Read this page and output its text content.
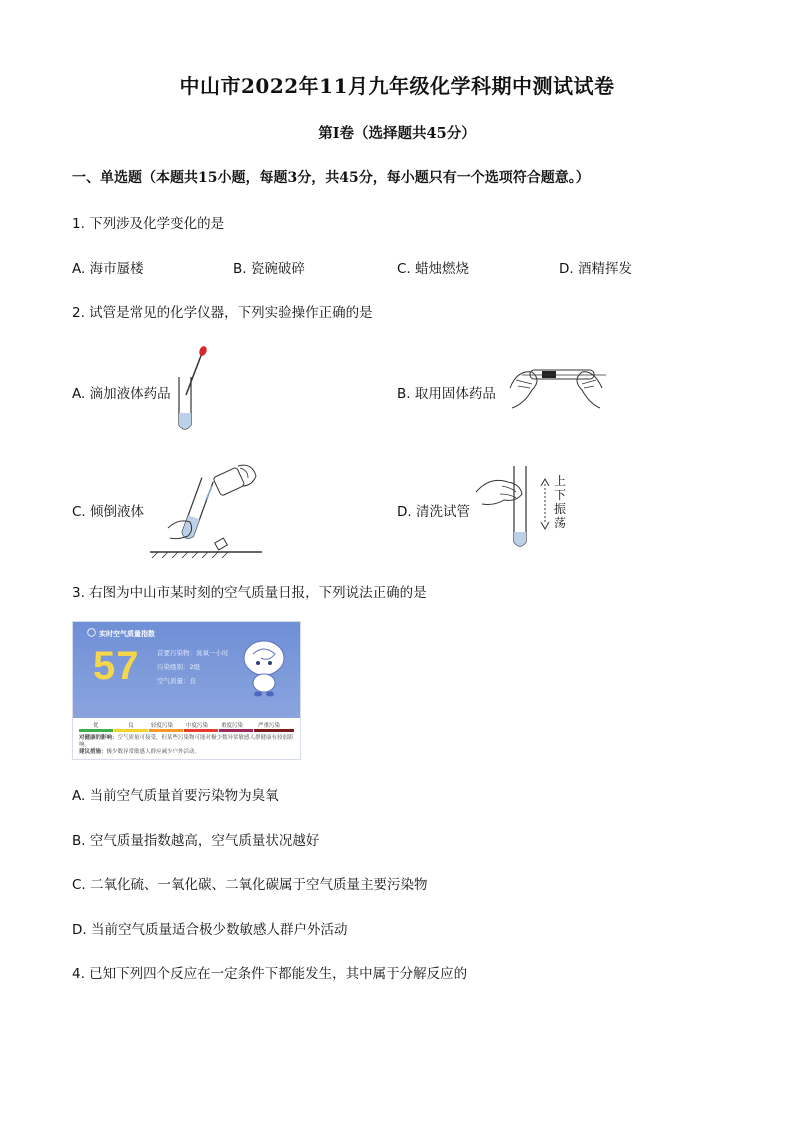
中山市2022年11月九年级化学科期中测试试卷
第I卷（选择题共45分）
一、单选题（本题共15小题，每题3分，共45分，每小题只有一个选项符合题意。）
1. 下列涉及化学变化的是
A. 海市蜃楼	B. 瓷碗破碎	C. 蜡烛燃烧	D. 酒精挥发
2. 试管是常见的化学仪器，下列实验操作正确的是
A. 滴加液体药品	B. 取用固体药品
C. 倾倒液体	D. 清洗试管
上
下
振
荡
3. 右图为中山市某时刻的空气质量日报，下列说法正确的是
实时空气质量指数
57	首要污染物：臭氧一小时
污染级别：2级
空气质量：良
优	良	轻度污染 中度污染 重度污染	严重污染
对健康的影响：空气质量可接受，但某些污染物可能对极少数异常敏感人群健康有较弱影响。
建议措施：极少数异常敏感人群应减少户外活动。
A. 当前空气质量首要污染物为臭氧
B. 空气质量指数越高，空气质量状况越好
C. 二氧化硫、一氧化碳、二氧化碳属于空气质量主要污染物
D. 当前空气质量适合极少数敏感人群户外活动
4. 已知下列四个反应在一定条件下都能发生，其中属于分解反应的
